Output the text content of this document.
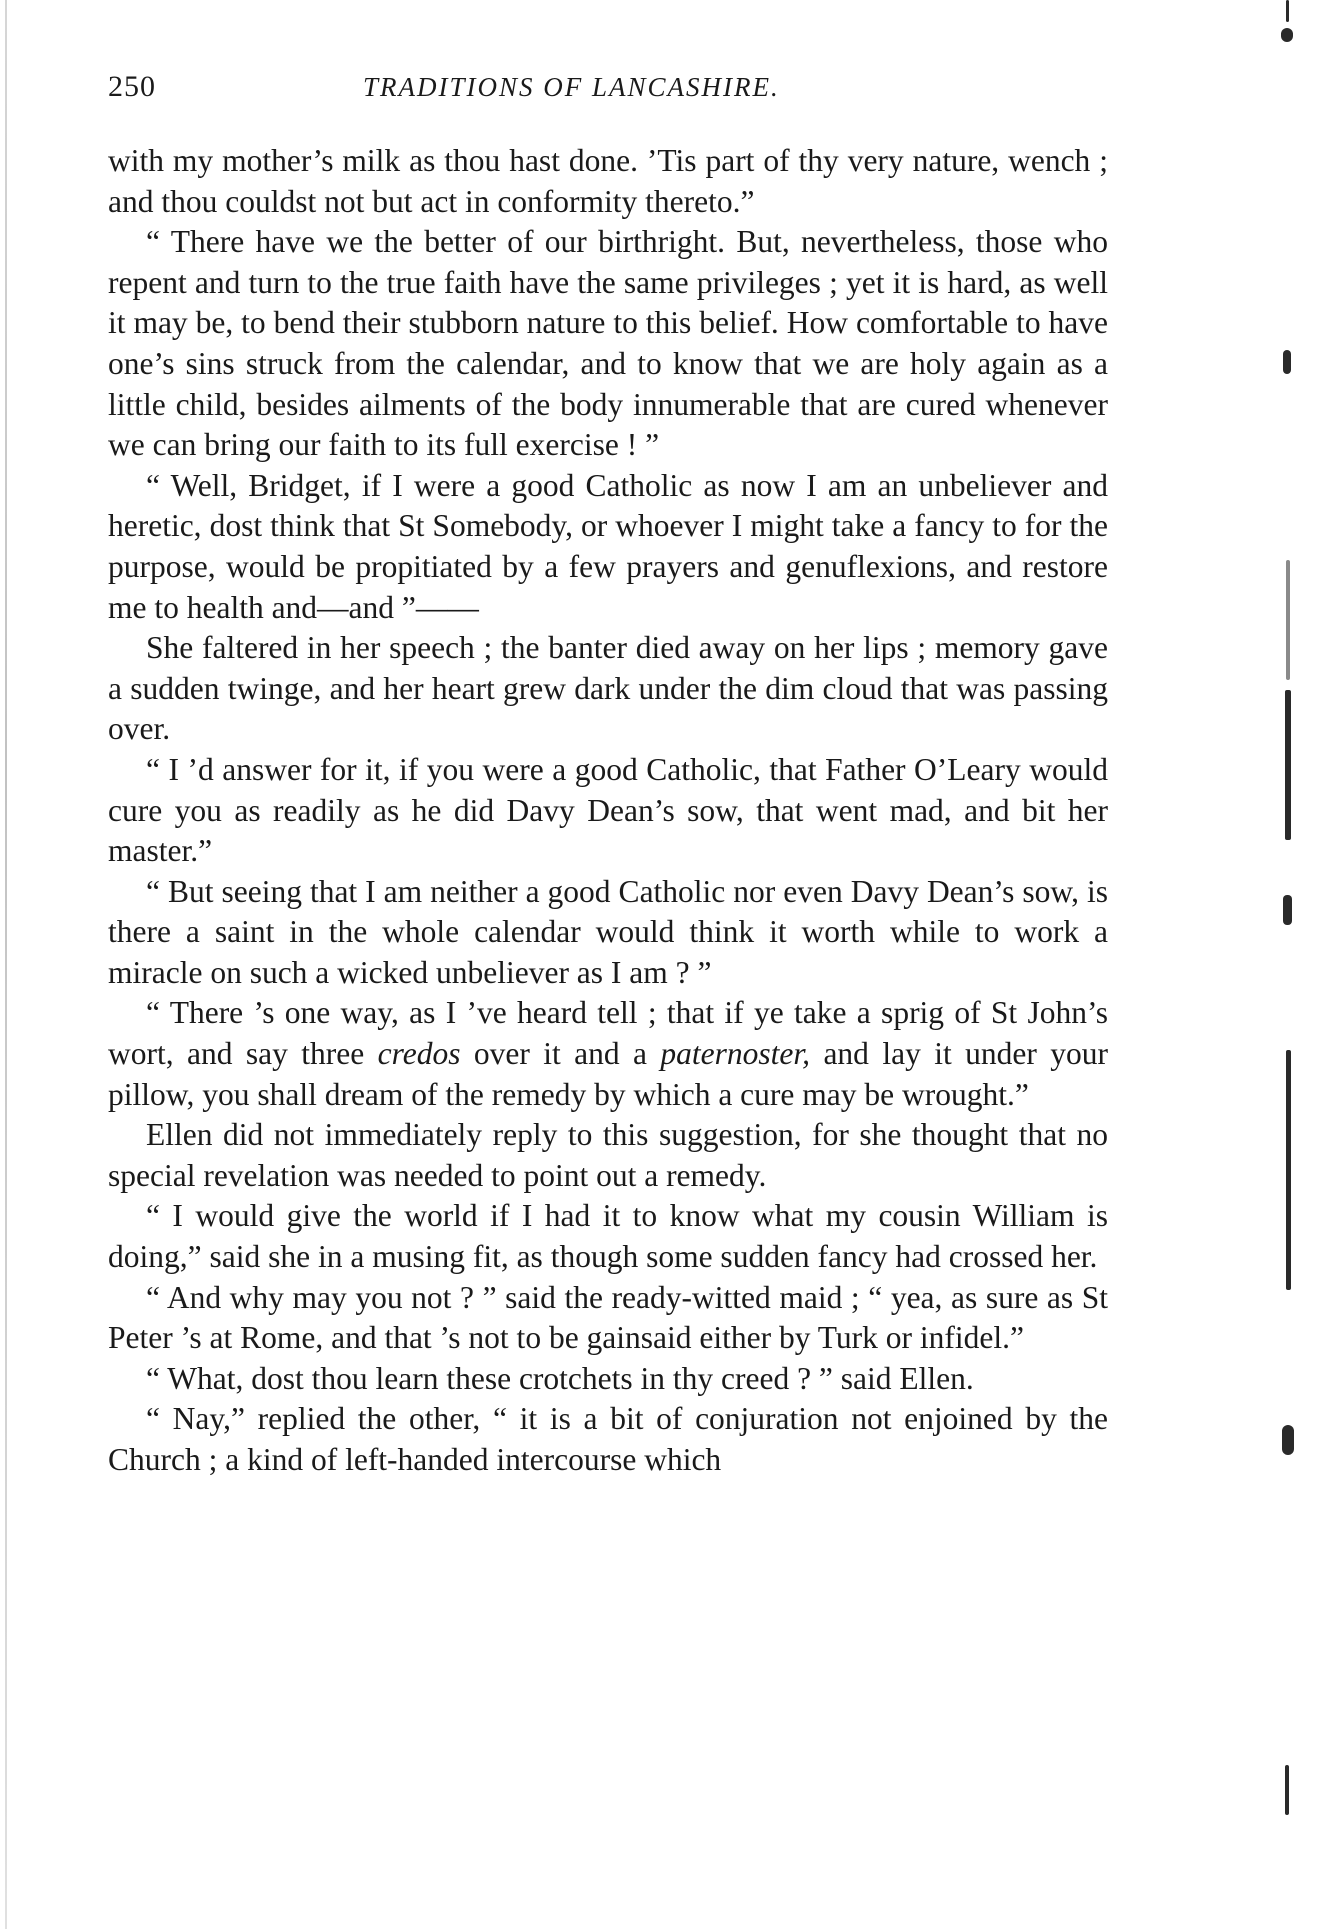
250	TRADITIONS OF LANCASHIRE.

with my mother’s milk as thou hast done. ’Tis part of thy very nature, wench ; and thou couldst not but act in conformity thereto.”

“ There have we the better of our birthright. But, nevertheless, those who repent and turn to the true faith have the same privileges ; yet it is hard, as well it may be, to bend their stubborn nature to this belief. How comfortable to have one’s sins struck from the calendar, and to know that we are holy again as a little child, besides ailments of the body innumerable that are cured whenever we can bring our faith to its full exercise ! ”

“ Well, Bridget, if I were a good Catholic as now I am an unbeliever and heretic, dost think that St Somebody, or whoever I might take a fancy to for the purpose, would be propitiated by a few prayers and genuflexions, and restore me to health and—and ”——

She faltered in her speech ; the banter died away on her lips ; memory gave a sudden twinge, and her heart grew dark under the dim cloud that was passing over.

“ I ’d answer for it, if you were a good Catholic, that Father O’Leary would cure you as readily as he did Davy Dean’s sow, that went mad, and bit her master.”

“ But seeing that I am neither a good Catholic nor even Davy Dean’s sow, is there a saint in the whole calendar would think it worth while to work a miracle on such a wicked unbeliever as I am ? ”

“ There ’s one way, as I ’ve heard tell ; that if ye take a sprig of St John’s wort, and say three credos over it and a paternoster, and lay it under your pillow, you shall dream of the remedy by which a cure may be wrought.”

Ellen did not immediately reply to this suggestion, for she thought that no special revelation was needed to point out a remedy.

“ I would give the world if I had it to know what my cousin William is doing,” said she in a musing fit, as though some sudden fancy had crossed her.

“ And why may you not ? ” said the ready-witted maid ; “ yea, as sure as St Peter ’s at Rome, and that ’s not to be gainsaid either by Turk or infidel.”

“ What, dost thou learn these crotchets in thy creed ? ” said Ellen.

“ Nay,” replied the other, “ it is a bit of conjuration not enjoined by the Church ; a kind of left-handed intercourse which
